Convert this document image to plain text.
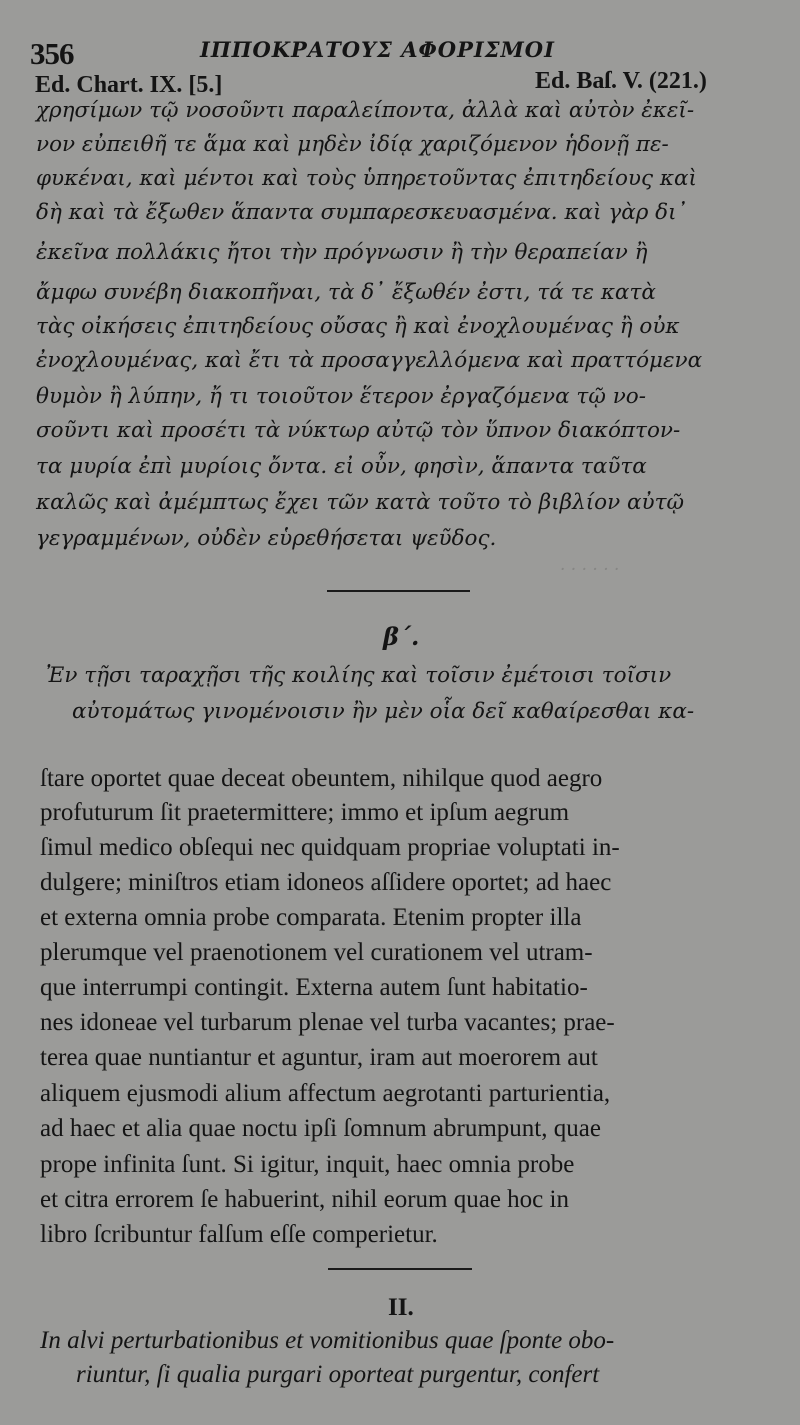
· · · · · ·
356	ΙΠΠΟΚΡΑΤΟΥΣ ΑΦΟΡΙΣΜΟΙ
Ed. Chart. IX. [5.]	Ed. Baſ. V. (221.)
χρησίμων τῷ νοσοῦντι παραλείποντα, ἀλλὰ καὶ αὐτὸν ἐκεῖ-
νον εὐπειθῆ τε ἅμα καὶ μηδὲν ἰδίᾳ χαριζόμενον ἡδονῇ πε-
φυκέναι, καὶ μέντοι καὶ τοὺς ὑπηρετοῦντας ἐπιτηδείους καὶ
δὴ καὶ τὰ ἔξωθεν ἅπαντα συμπαρεσκευασμένα. καὶ γὰρ δι᾽
ἐκεῖνα πολλάκις ἤτοι τὴν πρόγνωσιν ἢ τὴν θεραπείαν ἢ
ἄμφω συνέβη διακοπῆναι, τὰ δ᾽ ἔξωθέν ἐστι, τά τε κατὰ
τὰς οἰκήσεις ἐπιτηδείους οὔσας ἢ καὶ ἐνοχλουμένας ἢ οὐκ
ἐνοχλουμένας, καὶ ἔτι τὰ προσαγγελλόμενα καὶ πραττόμενα
θυμὸν ἢ λύπην, ἤ τι τοιοῦτον ἕτερον ἐργαζόμενα τῷ νο-
σοῦντι καὶ προσέτι τὰ νύκτωρ αὐτῷ τὸν ὕπνον διακόπτον-
τα μυρία ἐπὶ μυρίοις ὄντα. εἰ οὖν, φησὶν, ἅπαντα ταῦτα
καλῶς καὶ ἀμέμπτως ἔχει τῶν κατὰ τοῦτο τὸ βιβλίον αὐτῷ
γεγραμμένων, οὐδὲν εὑρεθήσεται ψεῦδος.
β΄.
Ἐν τῇσι ταραχῇσι τῆς κοιλίης καὶ τοῖσιν ἐμέτοισι τοῖσιν
αὐτομάτως γινομένοισιν ἢν μὲν οἷα δεῖ καθαίρεσθαι κα-
ſtare oportet quae deceat obeuntem, nihilque quod aegro
profuturum ſit praetermittere; immo et ipſum aegrum
ſimul medico obſequi nec quidquam propriae voluptati in-
dulgere; miniſtros etiam idoneos aſſidere oportet; ad haec
et externa omnia probe comparata. Etenim propter illa
plerumque vel praenotionem vel curationem vel utram-
que interrumpi contingit. Externa autem ſunt habitatio-
nes idoneae vel turbarum plenae vel turba vacantes; prae-
terea quae nuntiantur et aguntur, iram aut moerorem aut
aliquem ejusmodi alium affectum aegrotanti parturientia,
ad haec et alia quae noctu ipſi ſomnum abrumpunt, quae
prope infinita ſunt. Si igitur, inquit, haec omnia probe
et citra errorem ſe habuerint, nihil eorum quae hoc in
libro ſcribuntur falſum eſſe comperietur.
II.
In alvi perturbationibus et vomitionibus quae ſponte obo-
riuntur, ſi qualia purgari oporteat purgentur, confert
